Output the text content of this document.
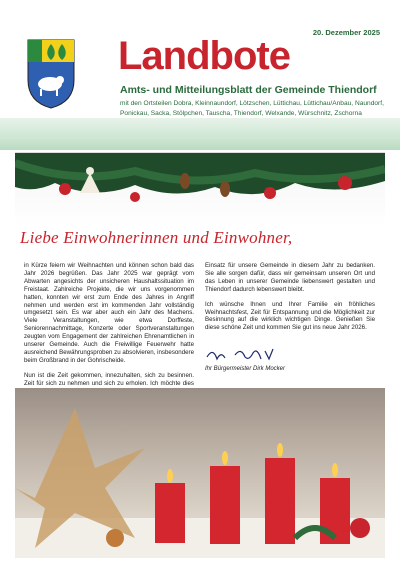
20. Dezember 2025
Landbote
Amts- und Mitteilungsblatt der Gemeinde Thiendorf
mit den Ortsteilen Dobra, Kleinnaundorf, Lötzschen, Lüttichau, Lüttichau/Anbau, Naundorf, Ponickau, Sacka, Stölpchen, Tauscha, Thiendorf, Welxande, Würschnitz, Zschorna
Liebe Einwohnerinnen und Einwohner,

in Kürze feiern wir Weihnachten und können schon bald das Jahr 2026 begrüßen. Das Jahr 2025 war geprägt vom Abwarten angesichts der unsicheren Haushaltssituation im Freistaat. Zahlreiche Projekte, die wir uns vorgenommen hatten, konnten wir erst zum Ende des Jahres in Angriff nehmen und werden erst im kommenden Jahr vollständig umgesetzt sein. Es war aber auch ein Jahr des Machens. Viele Veranstaltungen, wie etwa Dorffeste, Seniorennachmittage, Konzerte oder Sportveranstaltungen zeugten vom Engagement der zahlreichen Ehrenamtlichen in unserer Gemeinde. Auch die Freiwillige Feuerwehr hatte ausreichend Bewährungsproben zu absolvieren, insbesondere beim Großbrand in der Gohrischeide.

Nun ist die Zeit gekommen, innezuhalten, sich zu besinnen. Zeit für sich zu nehmen und sich zu erholen. Ich möchte dies

Einsatz für unsere Gemeinde in diesem Jahr zu bedanken. Sie alle sorgen dafür, dass wir gemeinsam unseren Ort und das Leben in unserer Gemeinde liebenswert gestalten und Thiendorf dadurch lebenswert bleibt.

Ich wünsche Ihnen und Ihrer Familie ein fröhliches Weihnachtsfest, Zeit für Entspannung und die Möglichkeit zur Besinnung auf die wirklich wichtigen Dinge. Genießen Sie diese schöne Zeit und kommen Sie gut ins neue Jahr 2026.

Ihr Bürgermeister Dirk Mocker
